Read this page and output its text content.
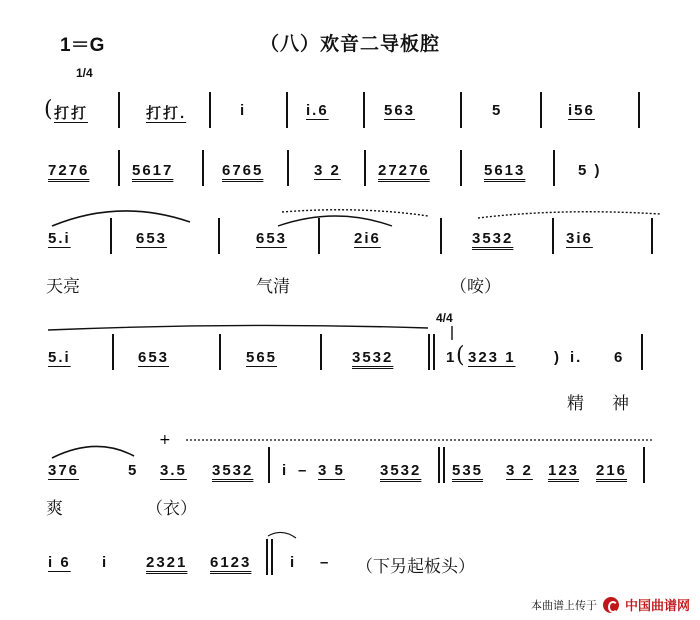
1＝G	（八）欢音二导板腔
1/4
4/4
( 打打	打打.	i	i.6	563	5	i56
7276	5617	6765	3 2 27276	5613	5 )
5.i	653	653	2i6	3532	3i6
天亮	气清	（咹）
5.i	653	565	3532	1 ( 323 1	) i. 6
精 神
376	5 3.5 3532 i – 3 5 3532 535 3 2 123 216
爽	（衣）
i 6 i	2321 6123	i – （下另起板头）
+
本曲谱上传于 中国曲谱网
